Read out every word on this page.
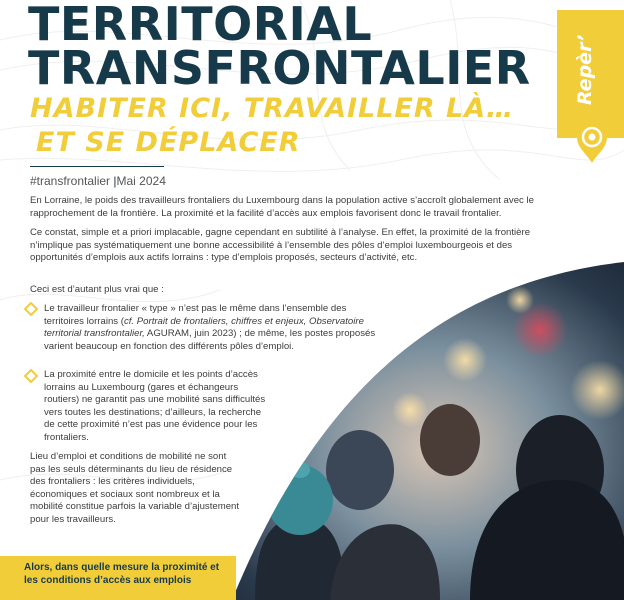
TERRITORIAL
TRANSFRONTALIER
HABITER ICI, TRAVAILLER LÀ…
ET SE DÉPLACER
#transfrontalier |Mai 2024
Repèr’
En Lorraine, le poids des travailleurs frontaliers du Luxembourg dans la population active s’accroît globalement avec le rapprochement de la frontière. La proximité et la facilité d’accès aux emplois favorisent donc le travail frontalier.
Ce constat, simple et a priori implacable, gagne cependant en subtilité à l’analyse. En effet, la proximité de la frontière n’implique pas systématiquement une bonne accessibilité à l’ensemble des pôles d’emploi luxembourgeois et des opportunités d’emplois aux actifs lorrains : type d’emplois proposés, secteurs d’activité, etc.
Ceci est d’autant plus vrai que :
Le travailleur frontalier « type » n’est pas le même dans l’ensemble des territoires lorrains (cf. Portrait de frontaliers, chiffres et enjeux, Observatoire territorial transfrontalier, AGURAM, juin 2023) ; de même, les postes proposés varient beaucoup en fonction des différents pôles d’emploi.
La proximité entre le domicile et les points d’accès lorrains au Luxembourg (gares et échangeurs routiers) ne garantit pas une mobilité sans difficultés vers toutes les destinations; d’ailleurs, la recherche de cette proximité n’est pas une évidence pour les frontaliers.
Lieu d’emploi et conditions de mobilité ne sont pas les seuls déterminants du lieu de résidence des frontaliers : les critères individuels, économiques et sociaux sont nombreux et la mobilité constitue parfois la variable d’ajustement pour les travailleurs.
Alors, dans quelle mesure la proximité et les conditions d’accès aux emplois
